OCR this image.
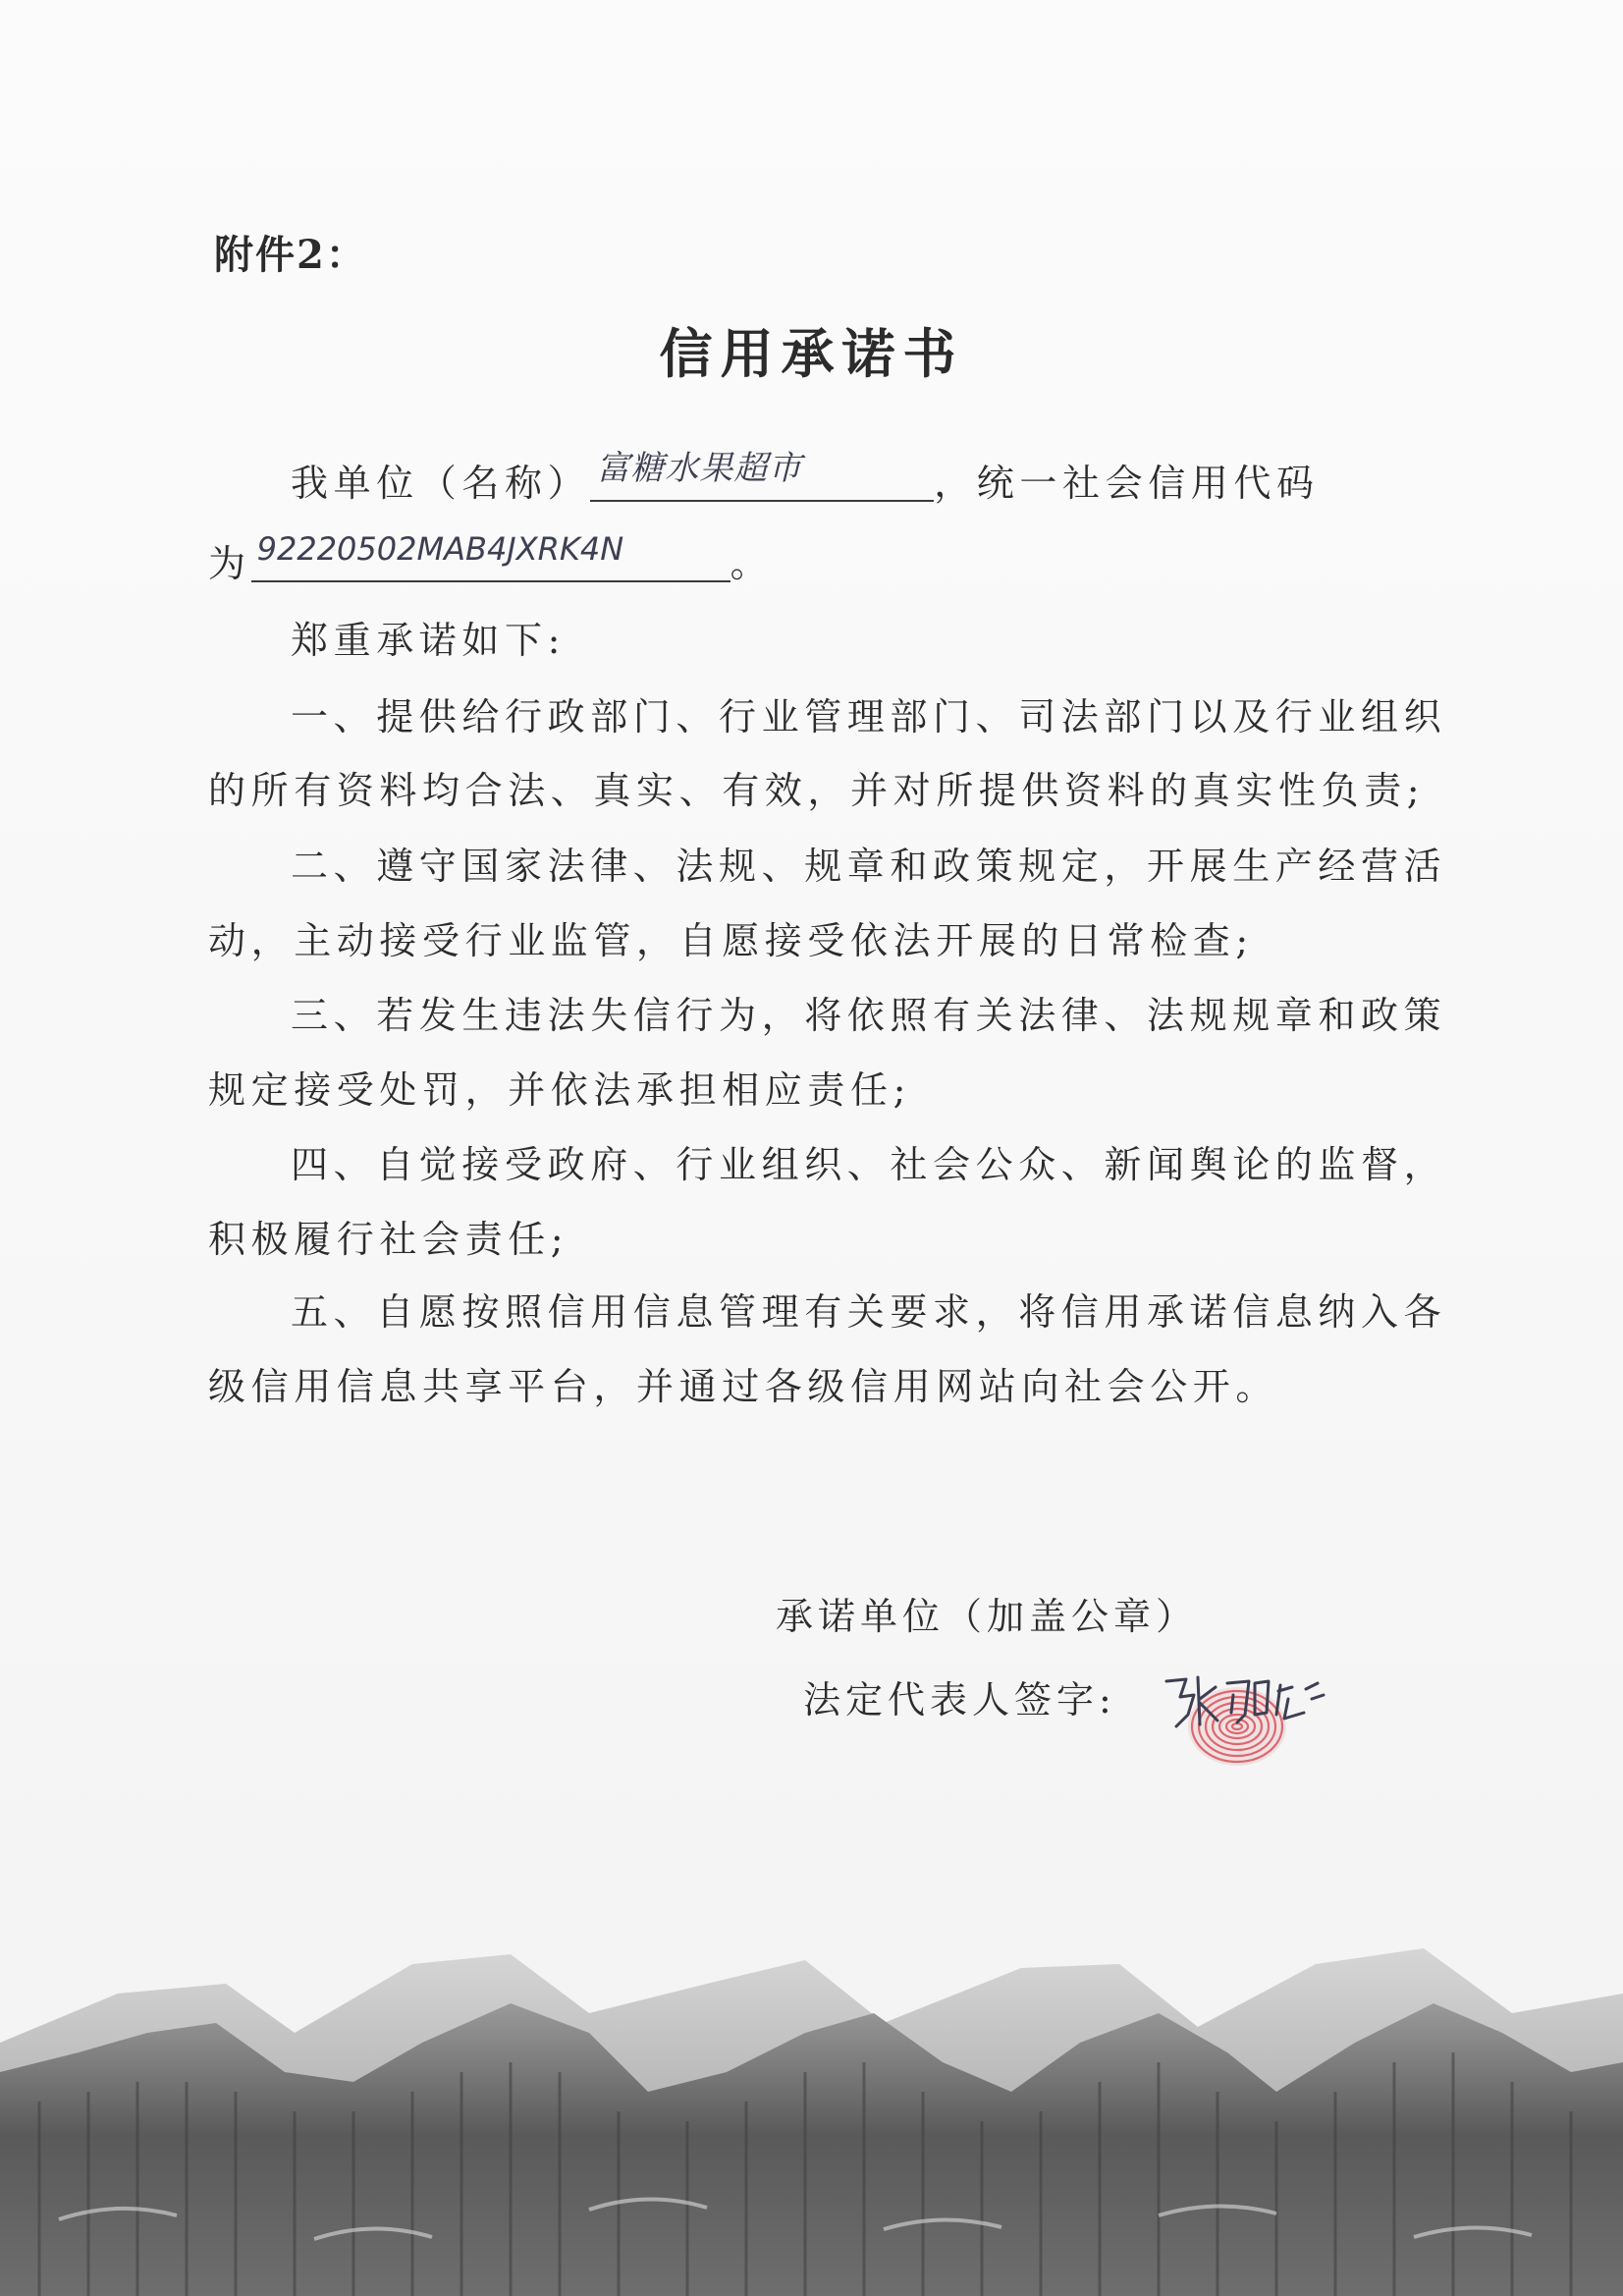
附件2：
信用承诺书
我单位（名称） 富糖水果超市	，统一社会信用代码
为 92220502MAB4JXRK4N	。
郑重承诺如下:
一、提供给行政部门、行业管理部门、司法部门以及行业组织
的所有资料均合法、真实、有效，并对所提供资料的真实性负责;
二、遵守国家法律、法规、规章和政策规定，开展生产经营活
动，主动接受行业监管，自愿接受依法开展的日常检查;
三、若发生违法失信行为，将依照有关法律、法规规章和政策
规定接受处罚，并依法承担相应责任;
四、自觉接受政府、行业组织、社会公众、新闻舆论的监督，
积极履行社会责任;
五、自愿按照信用信息管理有关要求，将信用承诺信息纳入各
级信用信息共享平台，并通过各级信用网站向社会公开。
承诺单位（加盖公章）
法定代表人签字:
